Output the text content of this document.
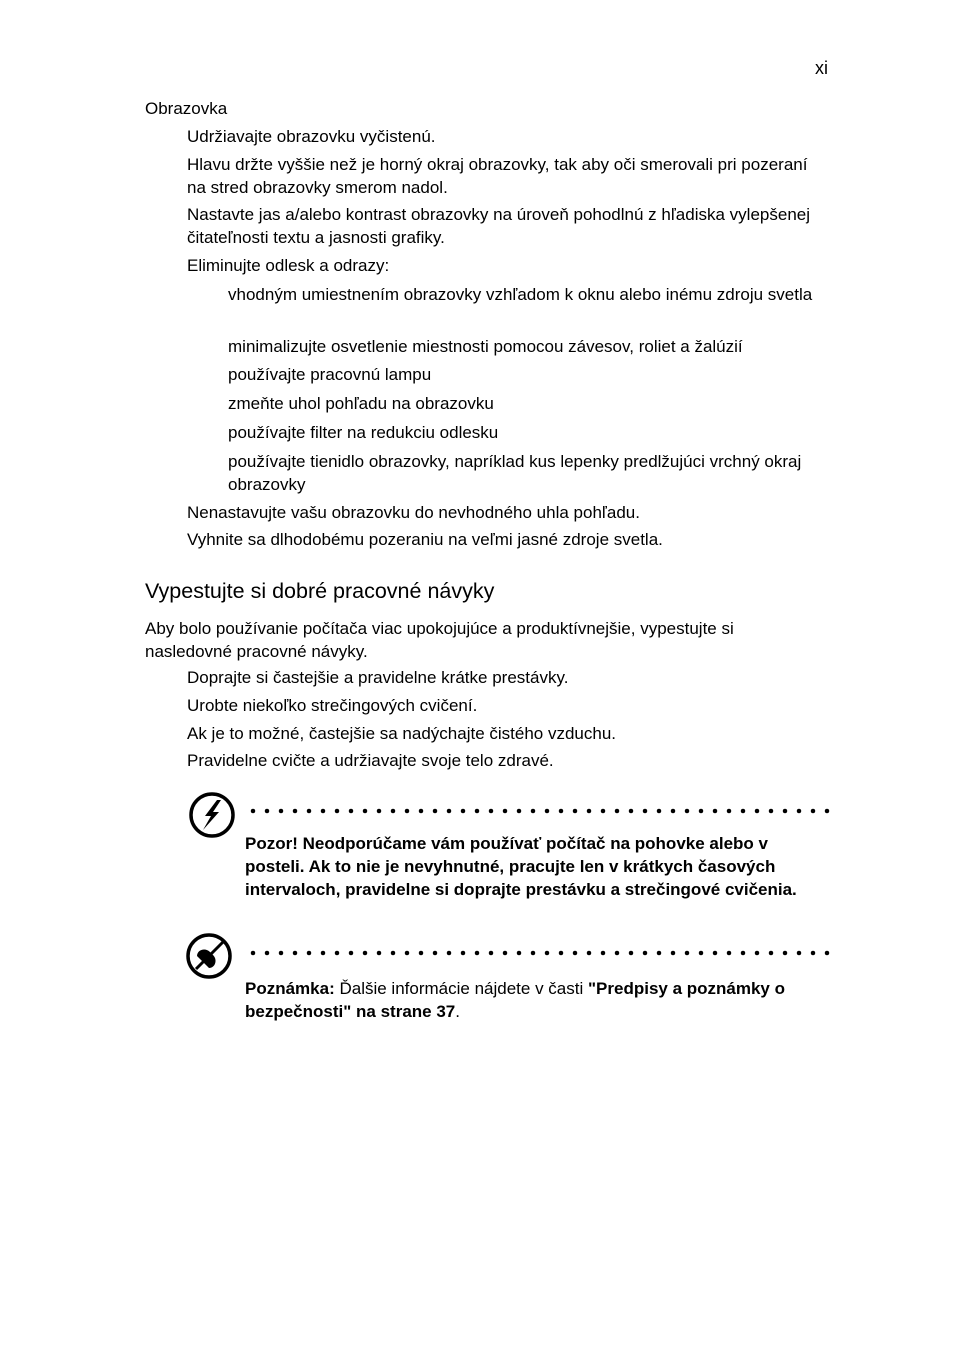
xi

Obrazovka

Udržiavajte obrazovku vyčistenú.

Hlavu držte vyššie než je horný okraj obrazovky, tak aby oči smerovali pri pozeraní na stred obrazovky smerom nadol.

Nastavte jas a/alebo kontrast obrazovky na úroveň pohodlnú z hľadiska vylepšenej čitateľnosti textu a jasnosti grafiky.

Eliminujte odlesk a odrazy:

vhodným umiestnením obrazovky vzhľadom k oknu alebo inému zdroju svetla

minimalizujte osvetlenie miestnosti pomocou závesov, roliet a žalúzií

používajte pracovnú lampu

zmeňte uhol pohľadu na obrazovku

používajte filter na redukciu odlesku

používajte tienidlo obrazovky, napríklad kus lepenky predlžujúci vrchný okraj obrazovky

Nenastavujte vašu obrazovku do nevhodného uhla pohľadu.

Vyhnite sa dlhodobému pozeraniu na veľmi jasné zdroje svetla.

Vypestujte si dobré pracovné návyky

Aby bolo používanie počítača viac upokojujúce a produktívnejšie, vypestujte si nasledovné pracovné návyky.

Doprajte si častejšie a pravidelne krátke prestávky.

Urobte niekoľko strečingových cvičení.

Ak je to možné, častejšie sa nadýchajte čistého vzduchu.

Pravidelne cvičte a udržiavajte svoje telo zdravé.

Pozor! Neodporúčame vám používať počítač na pohovke alebo v posteli. Ak to nie je nevyhnutné, pracujte len v krátkych časových intervaloch, pravidelne si doprajte prestávku a strečingové cvičenia.

Poznámka: Ďalšie informácie nájdete v časti "Predpisy a poznámky o bezpečnosti" na strane 37.
